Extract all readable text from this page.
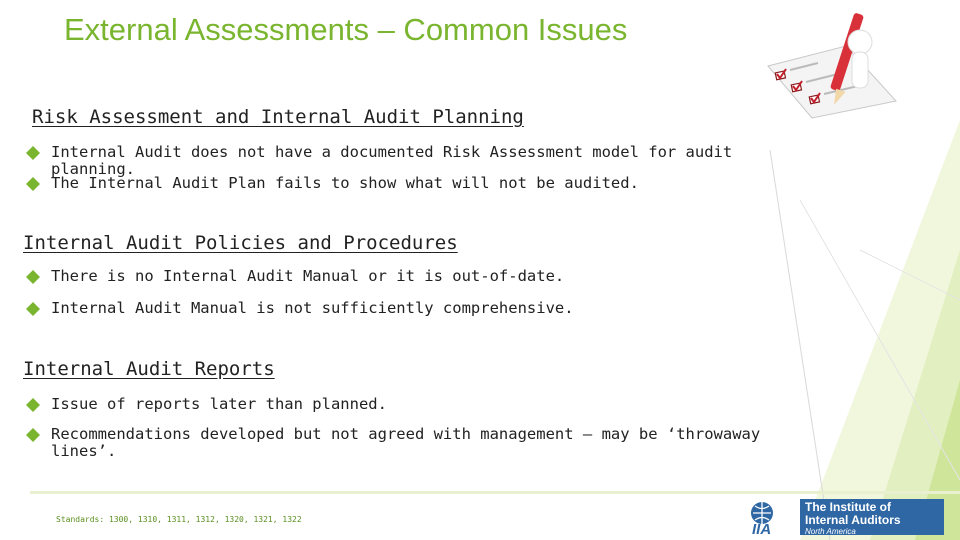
External Assessments – Common Issues
Risk Assessment and Internal Audit Planning
Internal Audit does not have a documented Risk Assessment model for audit planning.
The Internal Audit Plan fails to show what will not be audited.
Internal Audit Policies and Procedures
There is no Internal Audit Manual or it is out-of-date.
Internal Audit Manual is not sufficiently comprehensive.
Internal Audit Reports
Issue of reports later than planned.
Recommendations developed but not agreed with management – may be ‘throwaway lines’.
Standards: 1300, 1310, 1311, 1312, 1320, 1321, 1322
IIA
The Institute of
Internal Auditors
North America
